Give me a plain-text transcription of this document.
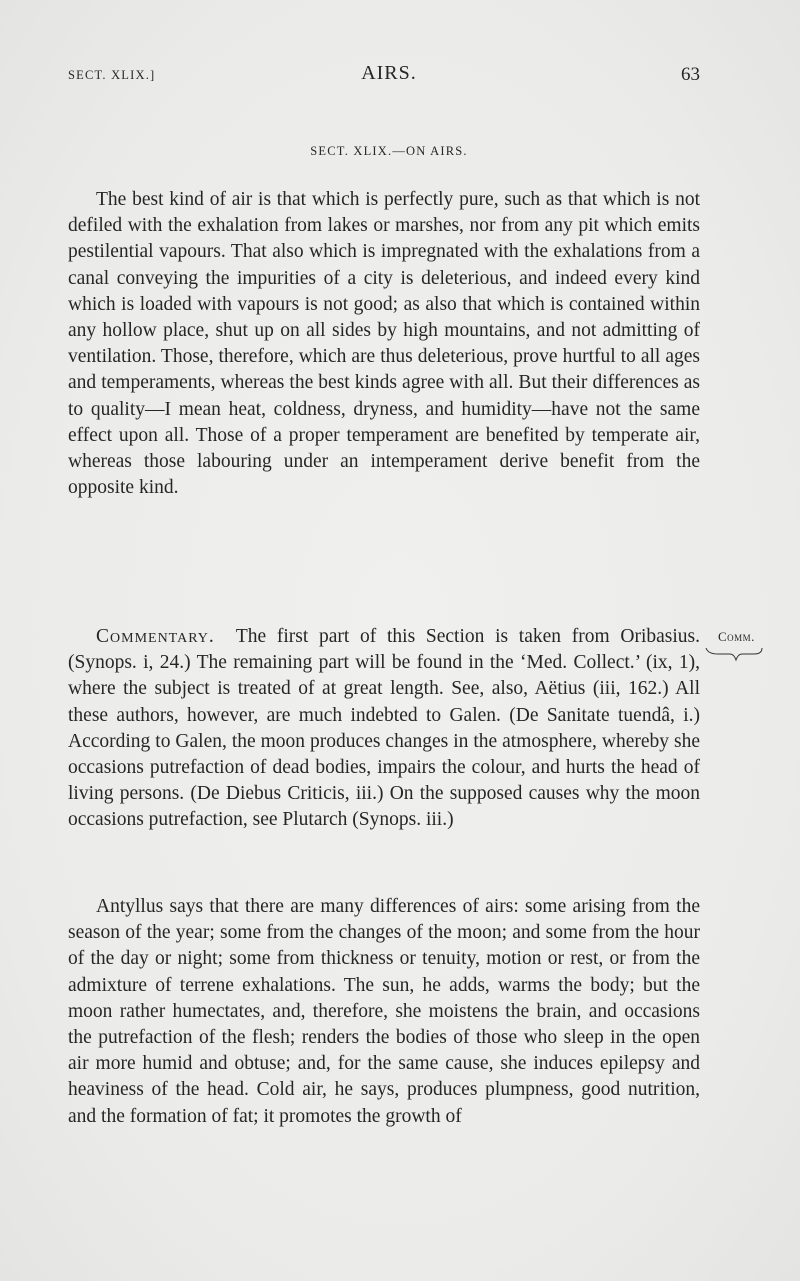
SECT. XLIX.]	AIRS.	63
SECT. XLIX.—ON AIRS.

The best kind of air is that which is perfectly pure, such as that which is not defiled with the exhalation from lakes or marshes, nor from any pit which emits pestilential vapours. That also which is impregnated with the exhalations from a canal conveying the impurities of a city is deleterious, and indeed every kind which is loaded with vapours is not good; as also that which is contained within any hollow place, shut up on all sides by high mountains, and not admitting of ventilation. Those, therefore, which are thus deleterious, prove hurtful to all ages and temperaments, whereas the best kinds agree with all. But their differences as to quality—I mean heat, coldness, dryness, and humidity—have not the same effect upon all. Those of a proper temperament are benefited by temperate air, whereas those labouring under an intemperament derive benefit from the opposite kind.

Commentary. The first part of this Section is taken from Oribasius. (Synops. i, 24.) The remaining part will be found in the ‘Med. Collect.’ (ix, 1), where the subject is treated of at great length. See, also, Aëtius (iii, 162.) All these authors, however, are much indebted to Galen. (De Sanitate tuendâ, i.) According to Galen, the moon produces changes in the atmosphere, whereby she occasions putrefaction of dead bodies, impairs the colour, and hurts the head of living persons. (De Diebus Criticis, iii.) On the supposed causes why the moon occasions putrefaction, see Plutarch (Synops. iii.)

Antyllus says that there are many differences of airs: some arising from the season of the year; some from the changes of the moon; and some from the hour of the day or night; some from thickness or tenuity, motion or rest, or from the admixture of terrene exhalations. The sun, he adds, warms the body; but the moon rather humectates, and, therefore, she moistens the brain, and occasions the putrefaction of the flesh; renders the bodies of those who sleep in the open air more humid and obtuse; and, for the same cause, she induces epilepsy and heaviness of the head. Cold air, he says, produces plumpness, good nutrition, and the formation of fat; it promotes the growth of

Comm.
